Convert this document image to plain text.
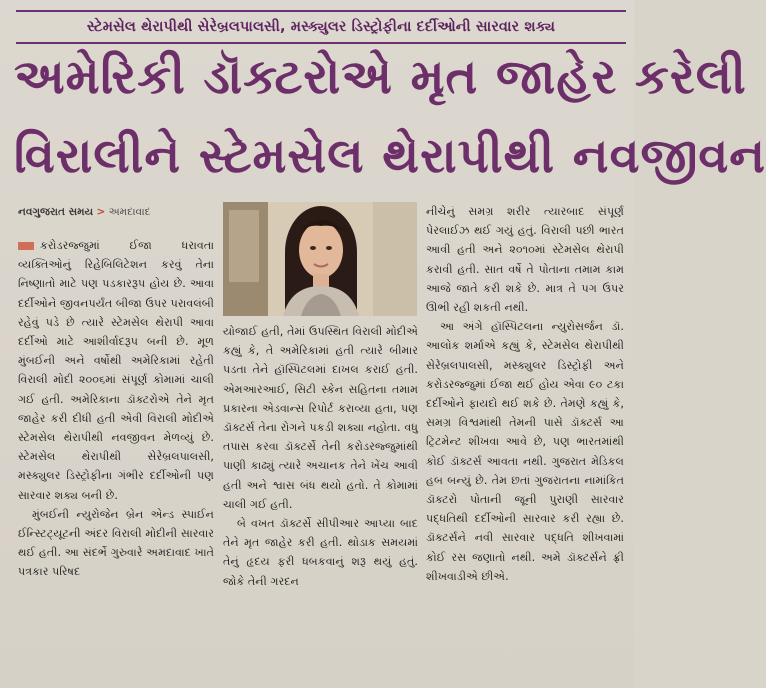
સ્ટેમસેલ થેરાપીથી સેરેબ્રલપાલસી, મસ્ક્યુલર ડિસ્ટ્રોફીના દર્દીઓની સારવાર શક્ય
અમેરિકી ડૉક્ટરોએ મૃત જાહેર કરેલી
વિરાલીને સ્ટેમસેલ થેરાપીથી નવજીવન
નવગુજરાત સમય > અમદાવાદ

કરોડરજ્જુમાં ઈજા ધરાવતા વ્યક્તિઓનું રિહેબિલિટેશન કરવું તેના નિષ્ણાતો માટે પણ પડકારરૂપ હોય છે. આવા દર્દીઓને જીવનપર્યંત બીજા ઉપર પરાવલંબી રહેવું પડે છે ત્યારે સ્ટેમસેલ થેરાપી આવા દર્દીઓ માટે આશીર્વાદરૂપ બની છે. મૂળ મુંબઈની અને વર્ષોથી અમેરિકામાં રહેતી વિરાલી મોદી ૨૦૦૬માં સંપૂર્ણ કોમામાં ચાલી ગઈ હતી. અમેરિકાના ડૉક્ટરોએ તેને મૃત જાહેર કરી દીધી હતી એવી વિરાલી મોદીએ સ્ટેમસેલ થેરાપીથી નવજીવન મેળવ્યું છે. સ્ટેમસેલ થેરાપીથી સેરેબ્રલપાલસી, મસ્ક્યુલર ડિસ્ટ્રોફીના ગંભીર દર્દીઓની પણ સારવાર શક્ય બની છે.

મુંબઈની ન્યુરોજેન બ્રેન એન્ડ સ્પાઈન ઈન્સ્ટિટ્યૂટની અંદર વિરાલી મોદીની સારવાર થઈ હતી. આ સંદર્ભે ગુરુવારે અમદાવાદ ખાતે પત્રકાર પરિષદ

યોજાઈ હતી, તેમાં ઉપસ્થિત વિરાલી મોદીએ કહ્યું કે, તે અમેરિકામાં હતી ત્યારે બીમાર પડતા તેને હૉસ્પિટલમાં દાખલ કરાઈ હતી. એમઆરઆઈ, સિટી સ્કેન સહિતના તમામ પ્રકારના એડવાન્સ રિપોર્ટ કરાવ્યા હતા, પણ ડૉક્ટર્સ તેના રોગને પકડી શક્યા નહોતા. વધુ તપાસ કરવા ડૉક્ટર્સે તેની કરોડરજ્જુમાંથી પાણી કાઢ્યું ત્યારે અચાનક તેને ખેંચ આવી હતી અને શ્વાસ બંધ થયો હતો. તે કોમામાં ચાલી ગઈ હતી.

બે વખત ડૉક્ટર્સે સીપીઆર આપ્યા બાદ તેને મૃત જાહેર કરી હતી. થોડાક સમયમાં તેનું હૃદય ફરી ધબકવાનું શરૂ થયું હતું. જોકે તેની ગરદન

નીચેનું સમગ્ર શરીર ત્યારબાદ સંપૂર્ણ પેરલાઈઝ થઈ ગયું હતું. વિરાલી પછી ભારત આવી હતી અને ૨૦૧૦માં સ્ટેમસેલ થેરાપી કરાવી હતી. સાત વર્ષે તે પોતાના તમામ કામ આજે જાતે કરી શકે છે. માત્ર તે પગ ઉપર ઊભી રહી શકતી નથી.

આ અંગે હૉસ્પિટલના ન્યુરોસર્જન ડૉ. આલોક શર્માએ કહ્યું કે, સ્ટેમસેલ થેરાપીથી સેરેબ્રલપાલસી, મસ્ક્યુલર ડિસ્ટ્રોફી અને કરોડરજ્જુમાં ઈજા થઈ હોય એવા ૯૦ ટકા દર્દીઓને ફાયદો થઈ શકે છે. તેમણે કહ્યું કે, સમગ્ર વિશ્વમાંથી તેમની પાસે ડૉક્ટર્સ આ ટ્રિટમેન્ટ શીખવા આવે છે, પણ ભારતમાંથી કોઈ ડૉક્ટર્સ આવતા નથી. ગુજરાત મેડિકલ હબ બન્યું છે. તેમ છતાં ગુજરાતના નામાંકિત ડૉક્ટરો પોતાની જૂની પુરાણી સારવાર પદ્ધતિથી દર્દીઓની સારવાર કરી રહ્યા છે. ડૉક્ટર્સને નવી સારવાર પદ્ધતિ શીખવામાં કોઈ રસ જણાતો નથી. અમે ડૉક્ટર્સને ફ્રી શીખવાડીએ છીએ.
